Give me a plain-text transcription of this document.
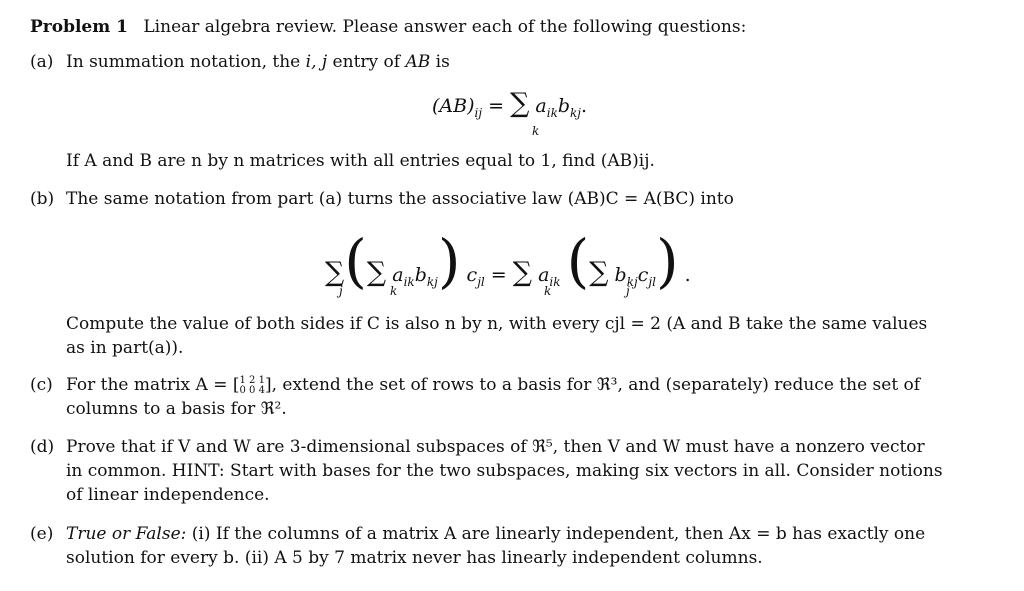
Problem 1 Linear algebra review. Please answer each of the following questions:
(a) In summation notation, the i, j entry of AB is
$(AB)_{ij}$ = ∑ $a_{ik}b_{kj}$.
k
If A and B are n by n matrices with all entries equal to 1, find (AB)ij.
(b) The same notation from part (a) turns the associative law (AB)C = A(BC) into
∑(∑ $a_{ik}b_{kj}$) $c_{jl}$ = ∑ $a_{ik}$ (∑ $b_{kj}c_{jl}$) .
j	k	k	j
Compute the value of both sides if C is also n by n, with every cjl = 2 (A and B take the same values
as in part(a)).
(c) For the matrix A = [1 2 1
0 0 4], extend the set of rows to a basis for ℜ³, and (separately) reduce the set of
columns to a basis for ℜ².
(d) Prove that if V and W are 3-dimensional subspaces of ℜ⁵, then V and W must have a nonzero vector
in common. HINT: Start with bases for the two subspaces, making six vectors in all. Consider notions
of linear independence.
(e) True or False: (i) If the columns of a matrix A are linearly independent, then Ax = b has exactly one
solution for every b. (ii) A 5 by 7 matrix never has linearly independent columns.
